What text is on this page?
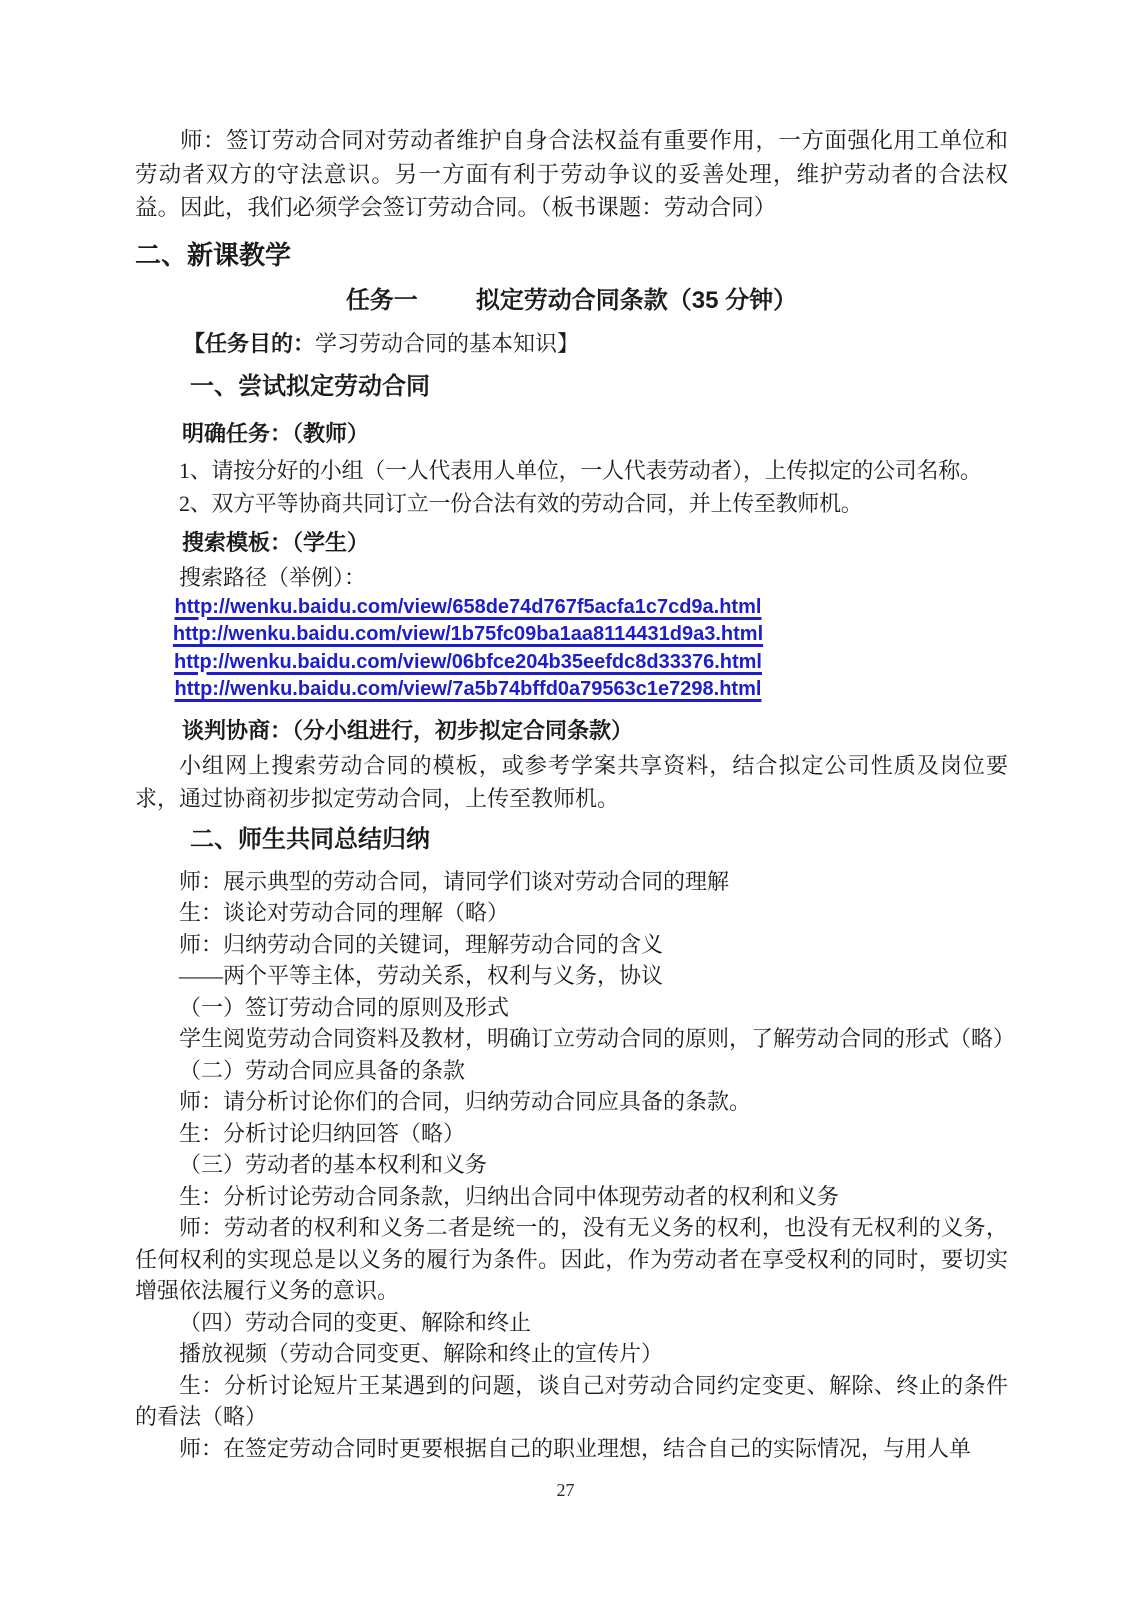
师：签订劳动合同对劳动者维护自身合法权益有重要作用，一方面强化用工单位和劳动者双方的守法意识。另一方面有利于劳动争议的妥善处理，维护劳动者的合法权益。因此，我们必须学会签订劳动合同。（板书课题：劳动合同）

二、新课教学
任务一 拟定劳动合同条款（35 分钟）

【任务目的：学习劳动合同的基本知识】

一、尝试拟定劳动合同
明确任务：（教师）

1、请按分好的小组（一人代表用人单位，一人代表劳动者），上传拟定的公司名称。

2、双方平等协商共同订立一份合法有效的劳动合同，并上传至教师机。

搜索模板：（学生）

搜索路径（举例）：

http://wenku.baidu.com/view/658de74d767f5acfa1c7cd9a.html
http://wenku.baidu.com/view/1b75fc09ba1aa8114431d9a3.html
http://wenku.baidu.com/view/06bfce204b35eefdc8d33376.html
http://wenku.baidu.com/view/7a5b74bffd0a79563c1e7298.html
谈判协商：（分小组进行，初步拟定合同条款）

小组网上搜索劳动合同的模板，或参考学案共享资料，结合拟定公司性质及岗位要求，通过协商初步拟定劳动合同，上传至教师机。

二、师生共同总结归纳

师：展示典型的劳动合同，请同学们谈对劳动合同的理解

生：谈论对劳动合同的理解（略）

师：归纳劳动合同的关键词，理解劳动合同的含义

——两个平等主体，劳动关系，权利与义务，协议

（一）签订劳动合同的原则及形式

学生阅览劳动合同资料及教材，明确订立劳动合同的原则，了解劳动合同的形式（略）

（二）劳动合同应具备的条款

师：请分析讨论你们的合同，归纳劳动合同应具备的条款。

生：分析讨论归纳回答（略）

（三）劳动者的基本权利和义务

生：分析讨论劳动合同条款，归纳出合同中体现劳动者的权利和义务

师：劳动者的权利和义务二者是统一的，没有无义务的权利，也没有无权利的义务，任何权利的实现总是以义务的履行为条件。因此，作为劳动者在享受权利的同时，要切实增强依法履行义务的意识。

（四）劳动合同的变更、解除和终止

播放视频（劳动合同变更、解除和终止的宣传片）

生：分析讨论短片王某遇到的问题，谈自己对劳动合同约定变更、解除、终止的条件的看法（略）

师：在签定劳动合同时更要根据自己的职业理想，结合自己的实际情况，与用人单

27
